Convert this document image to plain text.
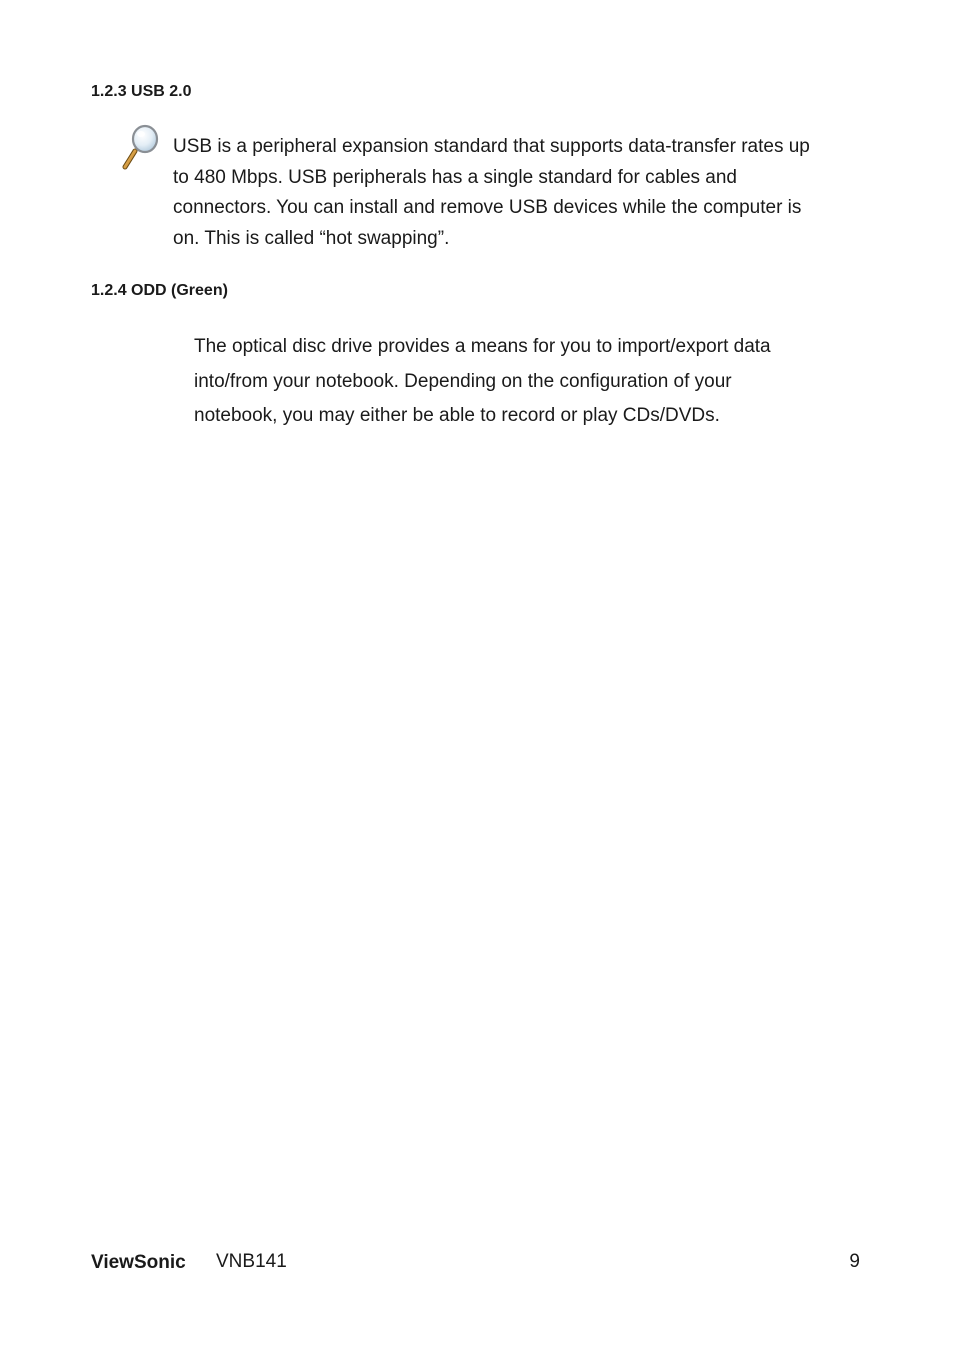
1.2.3 USB 2.0

USB is a peripheral expansion standard that supports data-transfer rates up to 480 Mbps. USB peripherals has a single standard for cables and connectors. You can install and remove USB devices while the computer is on. This is called “hot swapping”.

1.2.4 ODD (Green)

The optical disc drive provides a means for you to import/export data into/from your notebook. Depending on the configuration of your notebook, you may either be able to record or play CDs/DVDs.

ViewSonic VNB141	9
